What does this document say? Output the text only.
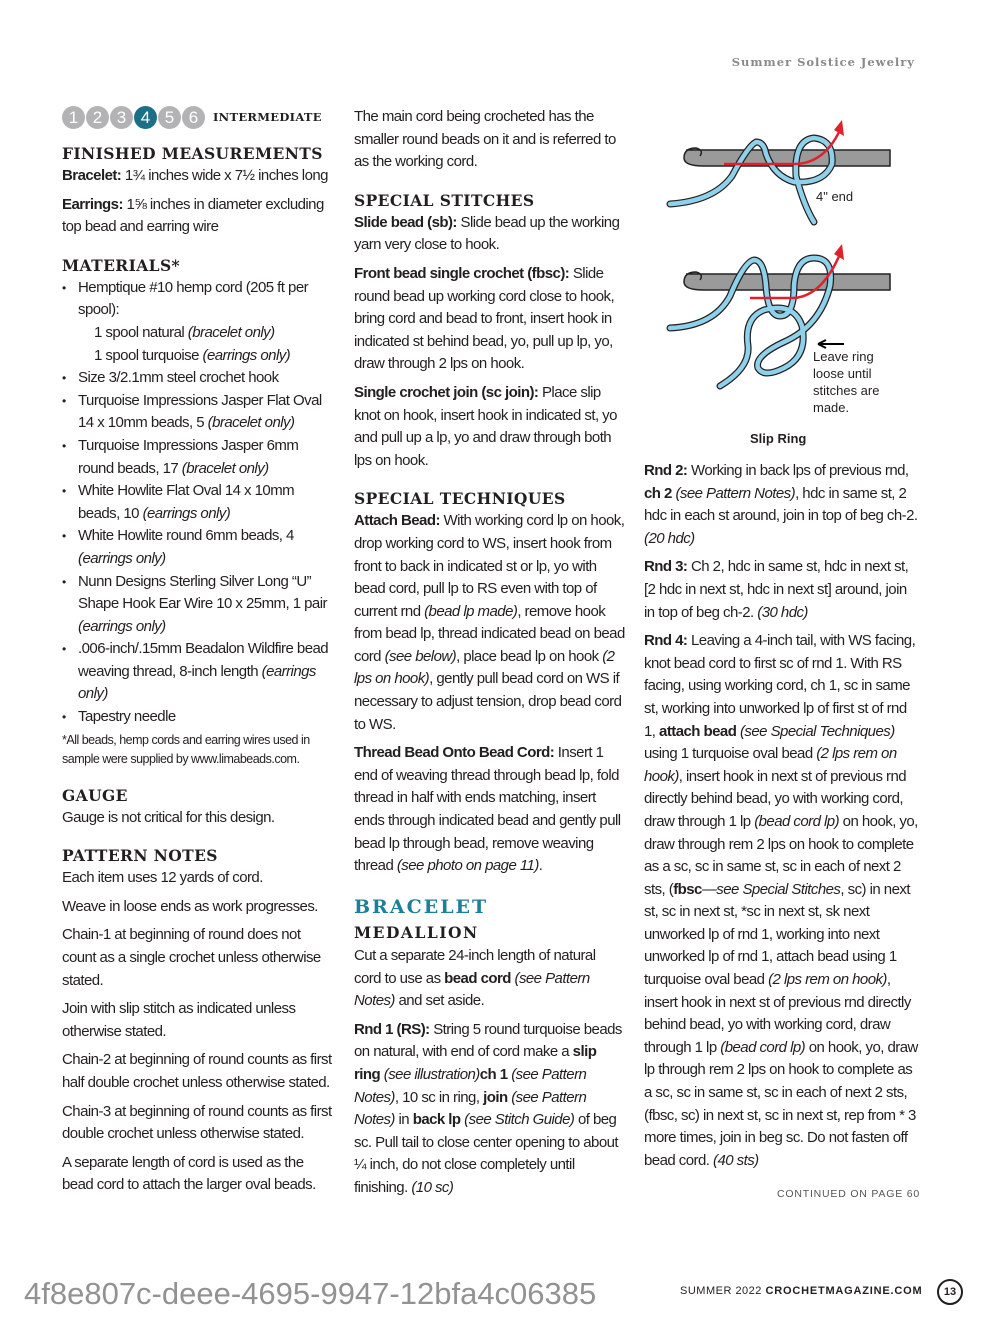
Summer Solstice Jewelry
1 2 3 4 5 6	INTERMEDIATE
FINISHED MEASUREMENTS
Bracelet: 1¾ inches wide x 7½ inches long
Earrings: 1⅝ inches in diameter excluding top bead and earring wire
MATERIALS*
• Hemptique #10 hemp cord (205 ft per spool):
1 spool natural (bracelet only)
1 spool turquoise (earrings only)
• Size 3/2.1mm steel crochet hook
• Turquoise Impressions Jasper Flat Oval 14 x 10mm beads, 5 (bracelet only)
• Turquoise Impressions Jasper 6mm round beads, 17 (bracelet only)
• White Howlite Flat Oval 14 x 10mm beads, 10 (earrings only)
• White Howlite round 6mm beads, 4 (earrings only)
• Nunn Designs Sterling Silver Long “U” Shape Hook Ear Wire 10 x 25mm, 1 pair (earrings only)
• .006-inch/.15mm Beadalon Wildfire bead weaving thread, 8-inch length (earrings only)
• Tapestry needle
*All beads, hemp cords and earring wires used in sample were supplied by www.limabeads.com.
GAUGE
Gauge is not critical for this design.
PATTERN NOTES
Each item uses 12 yards of cord.
Weave in loose ends as work progresses.
Chain-1 at beginning of round does not count as a single crochet unless otherwise stated.
Join with slip stitch as indicated unless otherwise stated.
Chain-2 at beginning of round counts as first half double crochet unless otherwise stated.
Chain-3 at beginning of round counts as first double crochet unless otherwise stated.
A separate length of cord is used as the bead cord to attach the larger oval beads.
The main cord being crocheted has the smaller round beads on it and is referred to as the working cord.
SPECIAL STITCHES
Slide bead (sb): Slide bead up the working yarn very close to hook.
Front bead single crochet (fbsc): Slide round bead up working cord close to hook, bring cord and bead to front, insert hook in indicated st behind bead, yo, pull up lp, yo, draw through 2 lps on hook.
Single crochet join (sc join): Place slip knot on hook, insert hook in indicated st, yo and pull up a lp, yo and draw through both lps on hook.
SPECIAL TECHNIQUES
Attach Bead: With working cord lp on hook, drop working cord to WS, insert hook from front to back in indicated st or lp, yo with bead cord, pull lp to RS even with top of current rnd (bead lp made), remove hook from bead lp, thread indicated bead on bead cord (see below), place bead lp on hook (2 lps on hook), gently pull bead cord on WS if necessary to adjust tension, drop bead cord to WS.
Thread Bead Onto Bead Cord: Insert 1 end of weaving thread through bead lp, fold thread in half with ends matching, insert ends through indicated bead and gently pull bead lp through bead, remove weaving thread (see photo on page 11).
BRACELET
MEDALLION
Cut a separate 24-inch length of natural cord to use as bead cord (see Pattern Notes) and set aside.
Rnd 1 (RS): String 5 round turquoise beads on natural, with end of cord make a slip ring (see illustration)ch 1 (see Pattern Notes), 10 sc in ring, join (see Pattern Notes) in back lp (see Stitch Guide) of beg sc. Pull tail to close center opening to about ¼ inch, do not close completely until finishing. (10 sc)
4" end
Leave ring
loose until
stitches are
made.
Slip Ring
Rnd 2: Working in back lps of previous rnd, ch 2 (see Pattern Notes), hdc in same st, 2 hdc in each st around, join in top of beg ch-2. (20 hdc)
Rnd 3: Ch 2, hdc in same st, hdc in next st, [2 hdc in next st, hdc in next st] around, join in top of beg ch-2. (30 hdc)
Rnd 4: Leaving a 4-inch tail, with WS facing, knot bead cord to first sc of rnd 1. With RS facing, using working cord, ch 1, sc in same st, working into unworked lp of first st of rnd 1, attach bead (see Special Techniques) using 1 turquoise oval bead (2 lps rem on hook), insert hook in next st of previous rnd directly behind bead, yo with working cord, draw through 1 lp (bead cord lp) on hook, yo, draw through rem 2 lps on hook to complete as a sc, sc in same st, sc in each of next 2 sts, (fbsc—see Special Stitches, sc) in next st, sc in next st, *sc in next st, sk next unworked lp of rnd 1, working into next unworked lp of rnd 1, attach bead using 1 turquoise oval bead (2 lps rem on hook), insert hook in next st of previous rnd directly behind bead, yo with working cord, draw through 1 lp (bead cord lp) on hook, yo, draw lp through rem 2 lps on hook to complete as a sc, sc in same st, sc in each of next 2 sts, (fbsc, sc) in next st, sc in next st, rep from * 3 more times, join in beg sc. Do not fasten off bead cord. (40 sts)
CONTINUED ON PAGE 60
4f8e807c-deee-4695-9947-12bfa4c06385	SUMMER 2022 CROCHETMAGAZINE.COM	13
